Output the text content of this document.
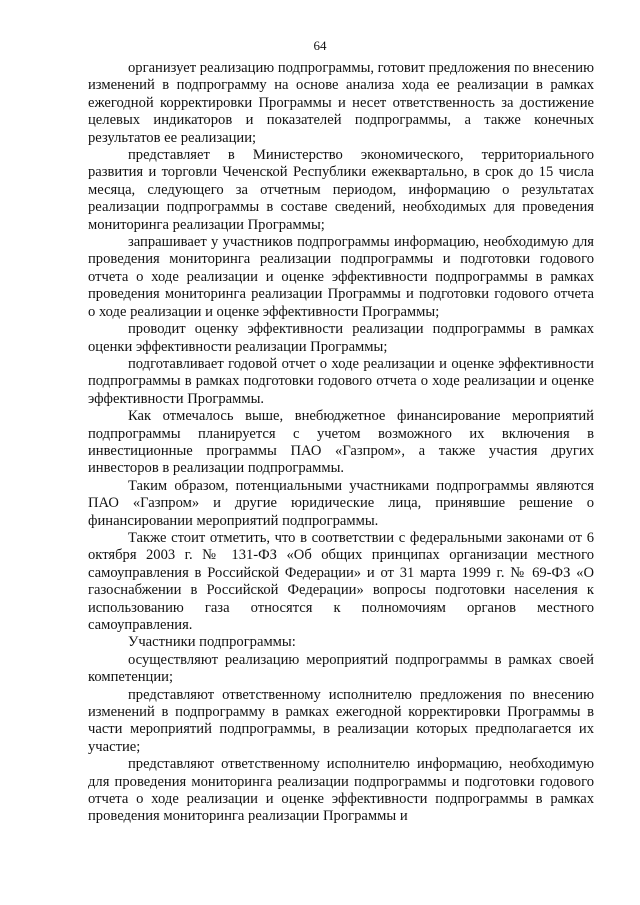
64

организует реализацию подпрограммы, готовит предложения по внесению изменений в подпрограмму на основе анализа хода ее реализации в рамках ежегодной корректировки Программы и несет ответственность за достижение целевых индикаторов и показателей подпрограммы, а также конечных результатов ее реализации;

представляет в Министерство экономического, территориального развития и торговли Чеченской Республики ежеквартально, в срок до 15 числа месяца, следующего за отчетным периодом, информацию о результатах реализации подпрограммы в составе сведений, необходимых для проведения мониторинга реализации Программы;

запрашивает у участников подпрограммы информацию, необходимую для проведения мониторинга реализации подпрограммы и подготовки годового отчета о ходе реализации и оценке эффективности подпрограммы в рамках проведения мониторинга реализации Программы и подготовки годового отчета о ходе реализации и оценке эффективности Программы;

проводит оценку эффективности реализации подпрограммы в рамках оценки эффективности реализации Программы;

подготавливает годовой отчет о ходе реализации и оценке эффективности подпрограммы в рамках подготовки годового отчета о ходе реализации и оценке эффективности Программы.

Как отмечалось выше, внебюджетное финансирование мероприятий подпрограммы планируется с учетом возможного их включения в инвестиционные программы ПАО «Газпром», а также участия других инвесторов в реализации подпрограммы.

Таким образом, потенциальными участниками подпрограммы являются ПАО «Газпром» и другие юридические лица, принявшие решение о финансировании мероприятий подпрограммы.

Также стоит отметить, что в соответствии с федеральными законами от 6 октября 2003 г. № 131-ФЗ «Об общих принципах организации местного самоуправления в Российской Федерации» и от 31 марта 1999 г. № 69-ФЗ «О газоснабжении в Российской Федерации» вопросы подготовки населения к использованию газа относятся к полномочиям органов местного самоуправления.

Участники подпрограммы:

осуществляют реализацию мероприятий подпрограммы в рамках своей компетенции;

представляют ответственному исполнителю предложения по внесению изменений в подпрограмму в рамках ежегодной корректировки Программы в части мероприятий подпрограммы, в реализации которых предполагается их участие;

представляют ответственному исполнителю информацию, необходимую для проведения мониторинга реализации подпрограммы и подготовки годового отчета о ходе реализации и оценке эффективности подпрограммы в рамках проведения мониторинга реализации Программы и
